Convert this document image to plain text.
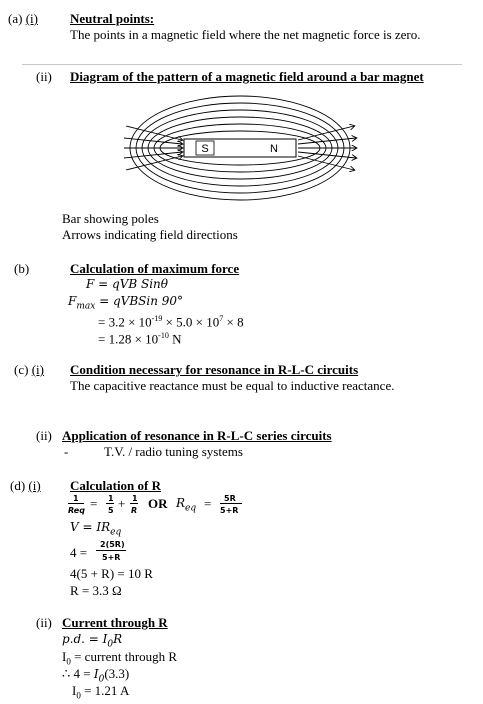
(a) (i) Neutral points:
The points in a magnetic field where the net magnetic force is zero.
(ii) Diagram of the pattern of a magnetic field around a bar magnet
S	N
Bar showing poles
Arrows indicating field directions
(b)	Calculation of maximum force
F = qVB Sinθ
$F_{max}$ = qVBSin 90°
= $3.2 \times 10^{-19} \times 5.0 \times 10^7 \times 8$
= $1.28 \times 10^{-10}$ N
(c) (i) Condition necessary for resonance in R-L-C circuits
The capacitive reactance must be equal to inductive reactance.
(ii) Application of resonance in R-L-C series circuits
-	T.V. / radio tuning systems
(d) (i) Calculation of R
1
Req = 1
5 + 1
R OR $R_{eq} = 5R$
5+R
$V = IR_{eq}$
4 =
2(5R)
5+R
4(5 + R) = 10 R
R = 3.3 Ω
(ii) Current through R
p.d. = $I_0R$
$I_0$ = current through R
∴ $4 = I_0(3.3)$
$I_0 = 1.21$ A
